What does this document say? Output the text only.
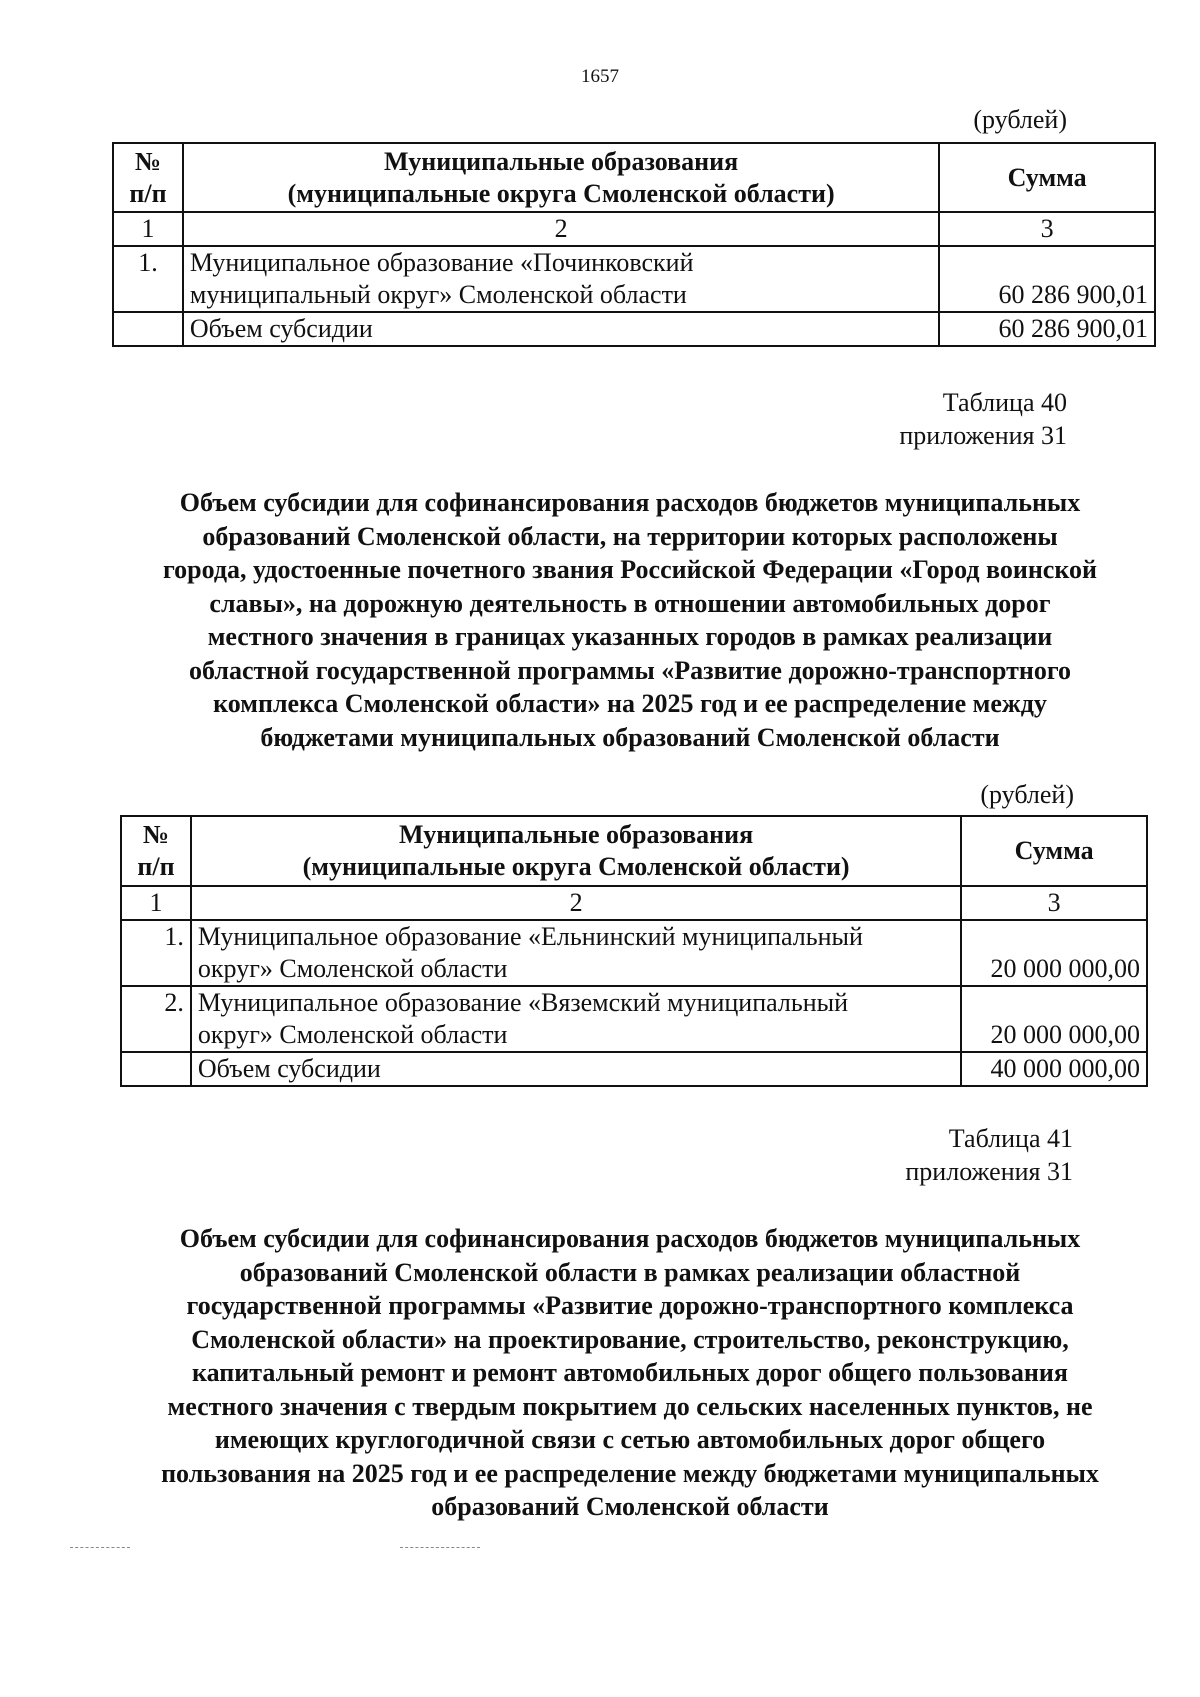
1657
(рублей)
№
п/п	Муниципальные образования
(муниципальные округа Смоленской области)	Сумма
1	2	3
1.	Муниципальное образование «Починковский
муниципальный округ» Смоленской области	60 286 900,01
	Объем субсидии	60 286 900,01
Таблица 40
приложения 31
Объем субсидии для софинансирования расходов бюджетов муниципальных
образований Смоленской области, на территории которых расположены
города, удостоенные почетного звания Российской Федерации «Город воинской
славы», на дорожную деятельность в отношении автомобильных дорог
местного значения в границах указанных городов в рамках реализации
областной государственной программы «Развитие дорожно-транспортного
комплекса Смоленской области» на 2025 год и ее распределение между
бюджетами муниципальных образований Смоленской области
(рублей)
№
п/п	Муниципальные образования
(муниципальные округа Смоленской области)	Сумма
1	2	3
1.	Муниципальное образование «Ельнинский муниципальный
округ» Смоленской области	20 000 000,00
2.	Муниципальное образование «Вяземский муниципальный
округ» Смоленской области	20 000 000,00
	Объем субсидии	40 000 000,00
Таблица 41
приложения 31
Объем субсидии для софинансирования расходов бюджетов муниципальных
образований Смоленской области в рамках реализации областной
государственной программы «Развитие дорожно-транспортного комплекса
Смоленской области» на проектирование, строительство, реконструкцию,
капитальный ремонт и ремонт автомобильных дорог общего пользования
местного значения с твердым покрытием до сельских населенных пунктов, не
имеющих круглогодичной связи с сетью автомобильных дорог общего
пользования на 2025 год и ее распределение между бюджетами муниципальных
образований Смоленской области
